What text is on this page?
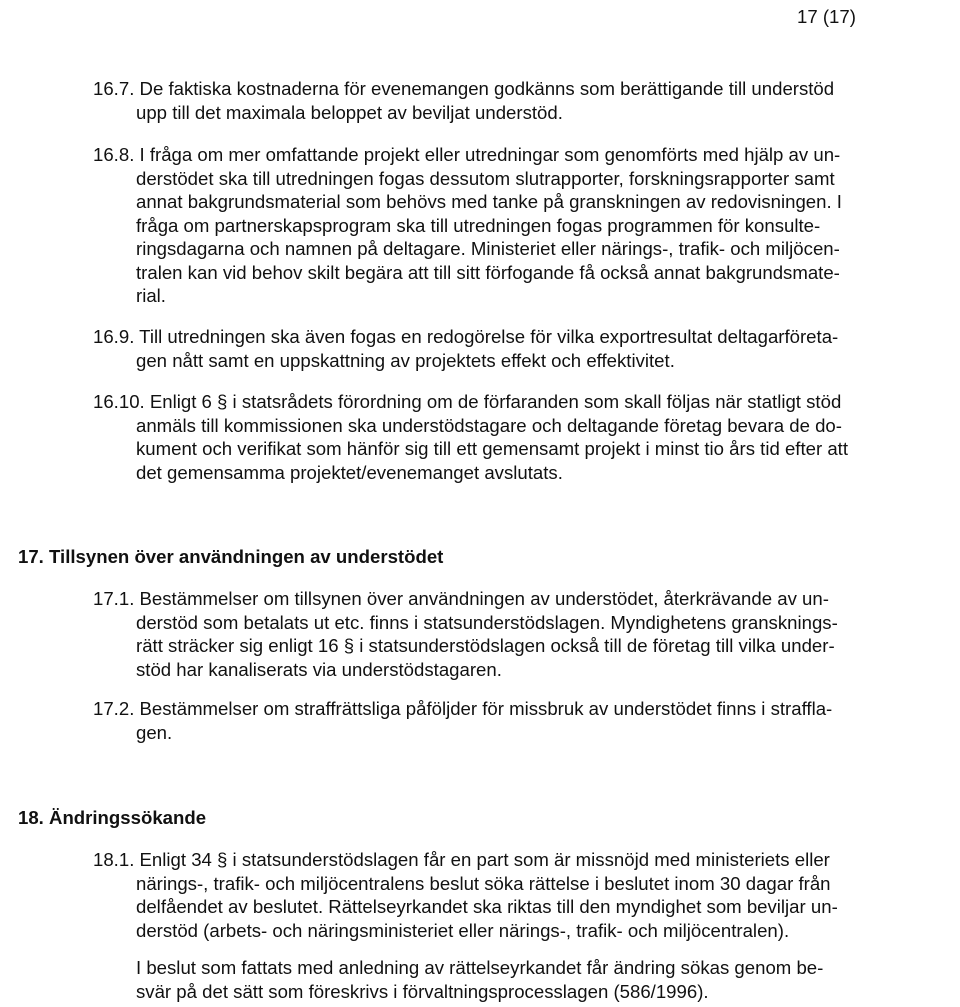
17 (17)
16.7. De faktiska kostnaderna för evenemangen godkänns som berättigande till understöd
upp till det maximala beloppet av beviljat understöd.
16.8. I fråga om mer omfattande projekt eller utredningar som genomförts med hjälp av un-
derstödet ska till utredningen fogas dessutom slutrapporter, forskningsrapporter samt
annat bakgrundsmaterial som behövs med tanke på granskningen av redovisningen. I
fråga om partnerskapsprogram ska till utredningen fogas programmen för konsulte-
ringsdagarna och namnen på deltagare. Ministeriet eller närings-, trafik- och miljöcen-
tralen kan vid behov skilt begära att till sitt förfogande få också annat bakgrundsmate-
rial.
16.9. Till utredningen ska även fogas en redogörelse för vilka exportresultat deltagarföreta-
gen nått samt en uppskattning av projektets effekt och effektivitet.
16.10. Enligt 6 § i statsrådets förordning om de förfaranden som skall följas när statligt stöd
anmäls till kommissionen ska understödstagare och deltagande företag bevara de do-
kument och verifikat som hänför sig till ett gemensamt projekt i minst tio års tid efter att
det gemensamma projektet/evenemanget avslutats.
17. Tillsynen över användningen av understödet
17.1. Bestämmelser om tillsynen över användningen av understödet, återkrävande av un-
derstöd som betalats ut etc. finns i statsunderstödslagen. Myndighetens gransknings-
rätt sträcker sig enligt 16 § i statsunderstödslagen också till de företag till vilka under-
stöd har kanaliserats via understödstagaren.
17.2. Bestämmelser om straffrättsliga påföljder för missbruk av understödet finns i straffla-
gen.
18. Ändringssökande
18.1. Enligt 34 § i statsunderstödslagen får en part som är missnöjd med ministeriets eller
närings-, trafik- och miljöcentralens beslut söka rättelse i beslutet inom 30 dagar från
delfåendet av beslutet. Rättelseyrkandet ska riktas till den myndighet som beviljar un-
derstöd (arbets- och näringsministeriet eller närings-, trafik- och miljöcentralen).
I beslut som fattats med anledning av rättelseyrkandet får ändring sökas genom be-
svär på det sätt som föreskrivs i förvaltningsprocesslagen (586/1996).
